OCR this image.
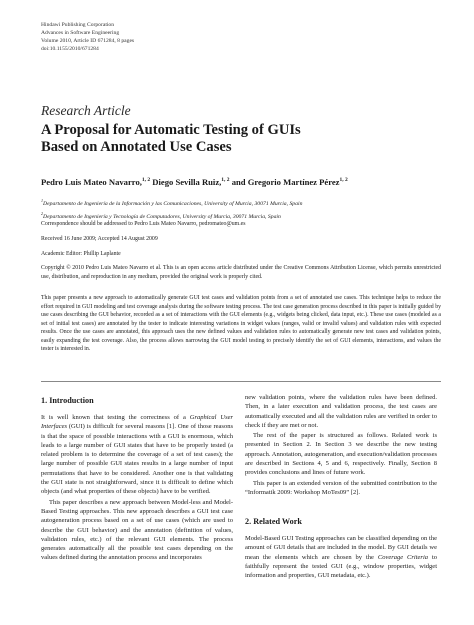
Hindawi Publishing Corporation
Advances in Software Engineering
Volume 2010, Article ID 671284, 8 pages
doi:10.1155/2010/671284
Research Article
A Proposal for Automatic Testing of GUIs
Based on Annotated Use Cases
Pedro Luis Mateo Navarro,$^{1, 2}$ Diego Sevilla Ruiz,$^{1, 2}$ and Gregorio Martínez Pérez$^{1, 2}$
$^1$Departamento de Ingeniería de la Información y las Comunicaciones, University of Murcia, 30071 Murcia, Spain
$^2$Departamento de Ingeniería y Tecnología de Computadores, University of Murcia, 30071 Murcia, Spain
Correspondence should be addressed to Pedro Luis Mateo Navarro, pedromateo@um.es
Received 16 June 2009; Accepted 14 August 2009
Academic Editor: Phillip Laplante
Copyright © 2010 Pedro Luis Mateo Navarro et al. This is an open access article distributed under the Creative Commons Attribution License, which permits unrestricted use, distribution, and reproduction in any medium, provided the original work is properly cited.
This paper presents a new approach to automatically generate GUI test cases and validation points from a set of annotated use cases. This technique helps to reduce the effort required in GUI modeling and test coverage analysis during the software testing process. The test case generation process described in this paper is initially guided by use cases describing the GUI behavior, recorded as a set of interactions with the GUI elements (e.g., widgets being clicked, data input, etc.). These use cases (modeled as a set of initial test cases) are annotated by the tester to indicate interesting variations in widget values (ranges, valid or invalid values) and validation rules with expected results. Once the use cases are annotated, this approach uses the new defined values and validation rules to automatically generate new test cases and validation points, easily expanding the test coverage. Also, the process allows narrowing the GUI model testing to precisely identify the set of GUI elements, interactions, and values the tester is interested in.
1. Introduction

It is well known that testing the correctness of a Graphical User Interfaces (GUI) is difficult for several reasons [1]. One of those reasons is that the space of possible interactions with a GUI is enormous, which leads to a large number of GUI states that have to be properly tested (a related problem is to determine the coverage of a set of test cases); the large number of possible GUI states results in a large number of input permutations that have to be considered. Another one is that validating the GUI state is not straightforward, since it is difficult to define which objects (and what properties of these objects) have to be verified.

This paper describes a new approach between Model-less and Model-Based Testing approaches. This new approach describes a GUI test case autogeneration process based on a set of use cases (which are used to describe the GUI behavior) and the annotation (definition of values, validation rules, etc.) of the relevant GUI elements. The process generates automatically all the possible test cases depending on the values defined during the annotation process and incorporates

new validation points, where the validation rules have been defined. Then, in a later execution and validation process, the test cases are automatically executed and all the validation rules are verified in order to check if they are met or not.

The rest of the paper is structured as follows. Related work is presented in Section 2. In Section 3 we describe the new testing approach. Annotation, autogeneration, and execution/validation processes are described in Sections 4, 5 and 6, respectively. Finally, Section 8 provides conclusions and lines of future work.

This paper is an extended version of the submitted contribution to the “Informatik 2009: Workshop MoTes09” [2].

2. Related Work

Model-Based GUI Testing approaches can be classified depending on the amount of GUI details that are included in the model. By GUI details we mean the elements which are chosen by the Coverage Criteria to faithfully represent the tested GUI (e.g., window properties, widget information and properties, GUI metadata, etc.).
